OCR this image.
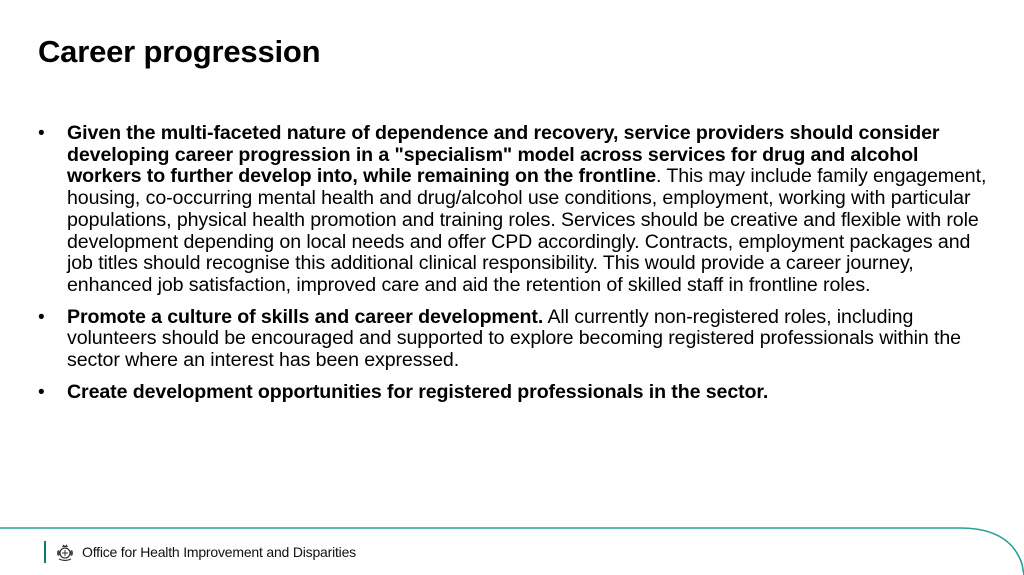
Career progression
• Given the multi-faceted nature of dependence and recovery, service providers should consider developing career progression in a "specialism" model across services for drug and alcohol workers to further develop into, while remaining on the frontline. This may include family engagement, housing, co-occurring mental health and drug/alcohol use conditions, employment, working with particular populations, physical health promotion and training roles. Services should be creative and flexible with role development depending on local needs and offer CPD accordingly. Contracts, employment packages and job titles should recognise this additional clinical responsibility. This would provide a career journey, enhanced job satisfaction, improved care and aid the retention of skilled staff in frontline roles.
• Promote a culture of skills and career development. All currently non-registered roles, including volunteers should be encouraged and supported to explore becoming registered professionals within the sector where an interest has been expressed.
• Create development opportunities for registered professionals in the sector.
Office for Health Improvement and Disparities
